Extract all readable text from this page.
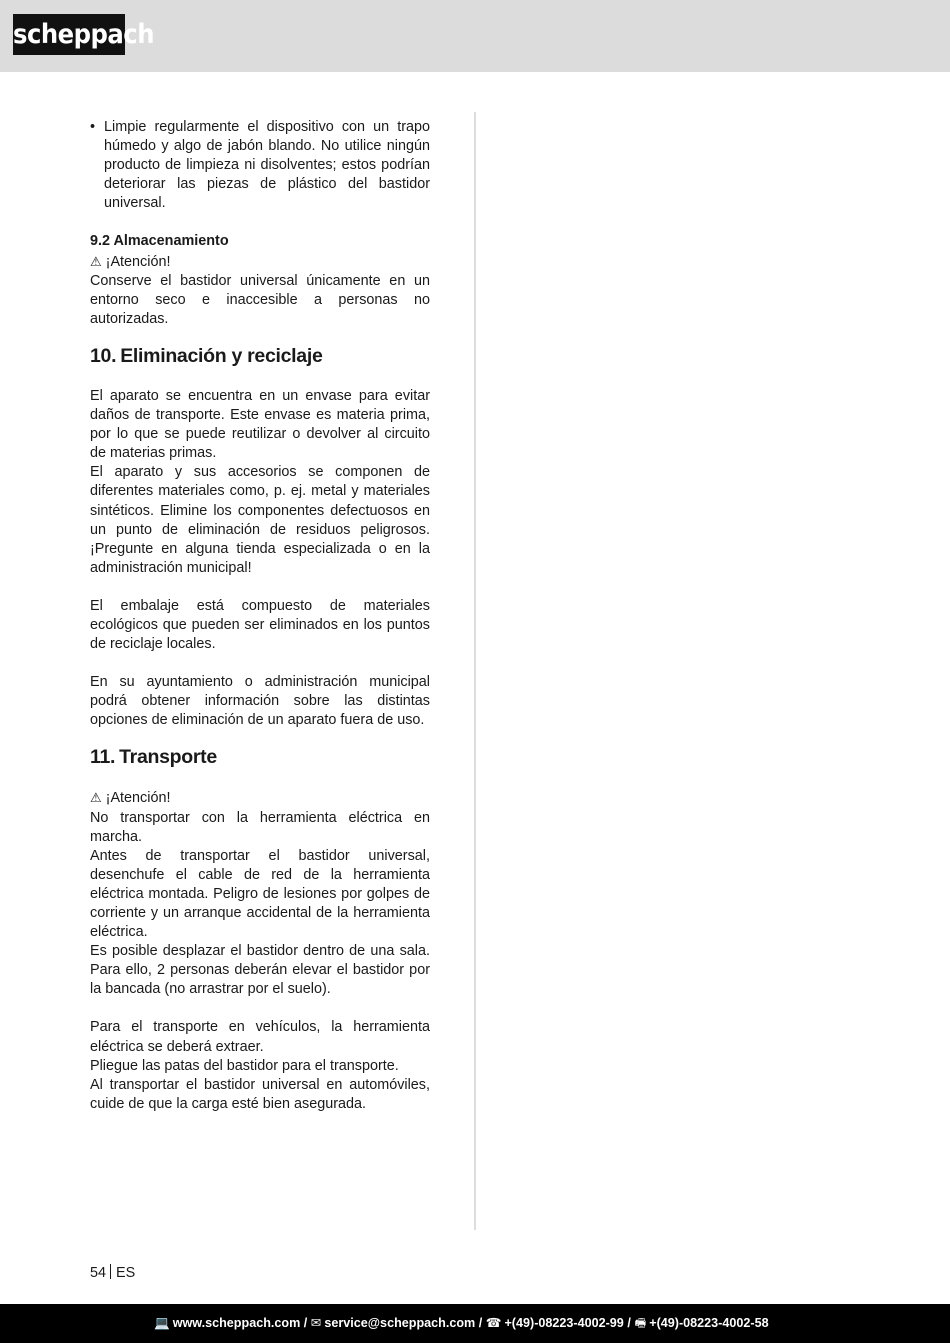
scheppach

• Limpie regularmente el dispositivo con un trapo húmedo y algo de jabón blando. No utilice ningún producto de limpieza ni disolventes; estos podrían deteriorar las piezas de plástico del bastidor universal.

9.2 Almacenamiento

⚠ ¡Atención!

Conserve el bastidor universal únicamente en un entorno seco e inaccesible a personas no autorizadas.

10. Eliminación y reciclaje

El aparato se encuentra en un envase para evitar daños de transporte. Este envase es materia prima, por lo que se puede reutilizar o devolver al circuito de materias primas.

El aparato y sus accesorios se componen de diferentes materiales como, p. ej. metal y materiales sintéticos. Elimine los componentes defectuosos en un punto de eliminación de residuos peligrosos. ¡Pregunte en alguna tienda especializada o en la administración municipal!

El embalaje está compuesto de materiales ecológicos que pueden ser eliminados en los puntos de reciclaje locales.

En su ayuntamiento o administración municipal podrá obtener información sobre las distintas opciones de eliminación de un aparato fuera de uso.

11. Transporte

⚠ ¡Atención!

No transportar con la herramienta eléctrica en marcha.

Antes de transportar el bastidor universal, desenchufe el cable de red de la herramienta eléctrica montada. Peligro de lesiones por golpes de corriente y un arranque accidental de la herramienta eléctrica.

Es posible desplazar el bastidor dentro de una sala. Para ello, 2 personas deberán elevar el bastidor por la bancada (no arrastrar por el suelo).

Para el transporte en vehículos, la herramienta eléctrica se deberá extraer.

Pliegue las patas del bastidor para el transporte.

Al transportar el bastidor universal en automóviles, cuide de que la carga esté bien asegurada.

54 ES
💻 www.scheppach.com / ✉ service@scheppach.com / ☎ +(49)-08223-4002-99 / 🖷 +(49)-08223-4002-58
